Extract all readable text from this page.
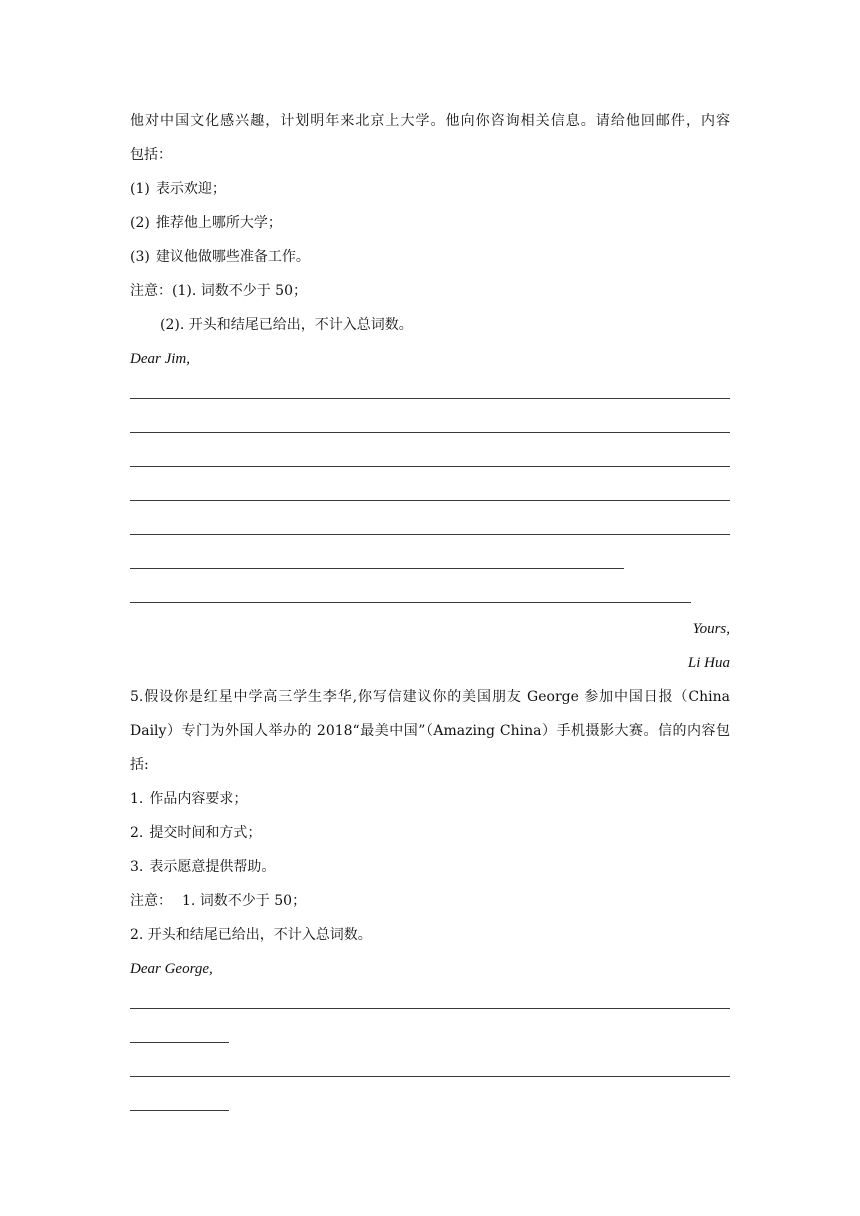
他对中国文化感兴趣，计划明年来北京上大学。他向你咨询相关信息。请给他回邮件，内容
包括：
(1) 表示欢迎；
(2) 推荐他上哪所大学；
(3) 建议他做哪些准备工作。
注意：(1). 词数不少于 50；
(2). 开头和结尾已给出，不计入总词数。
Dear Jim,
Yours,
Li Hua
5.假设你是红星中学高三学生李华,你写信建议你的美国朋友 George 参加中国日报（China
Daily）专门为外国人举办的 2018“最美中国”（Amazing China）手机摄影大赛。信的内容包
括:
1. 作品内容要求；
2. 提交时间和方式；
3. 表示愿意提供帮助。
注意： 1. 词数不少于 50；
2. 开头和结尾已给出，不计入总词数。
Dear George,
